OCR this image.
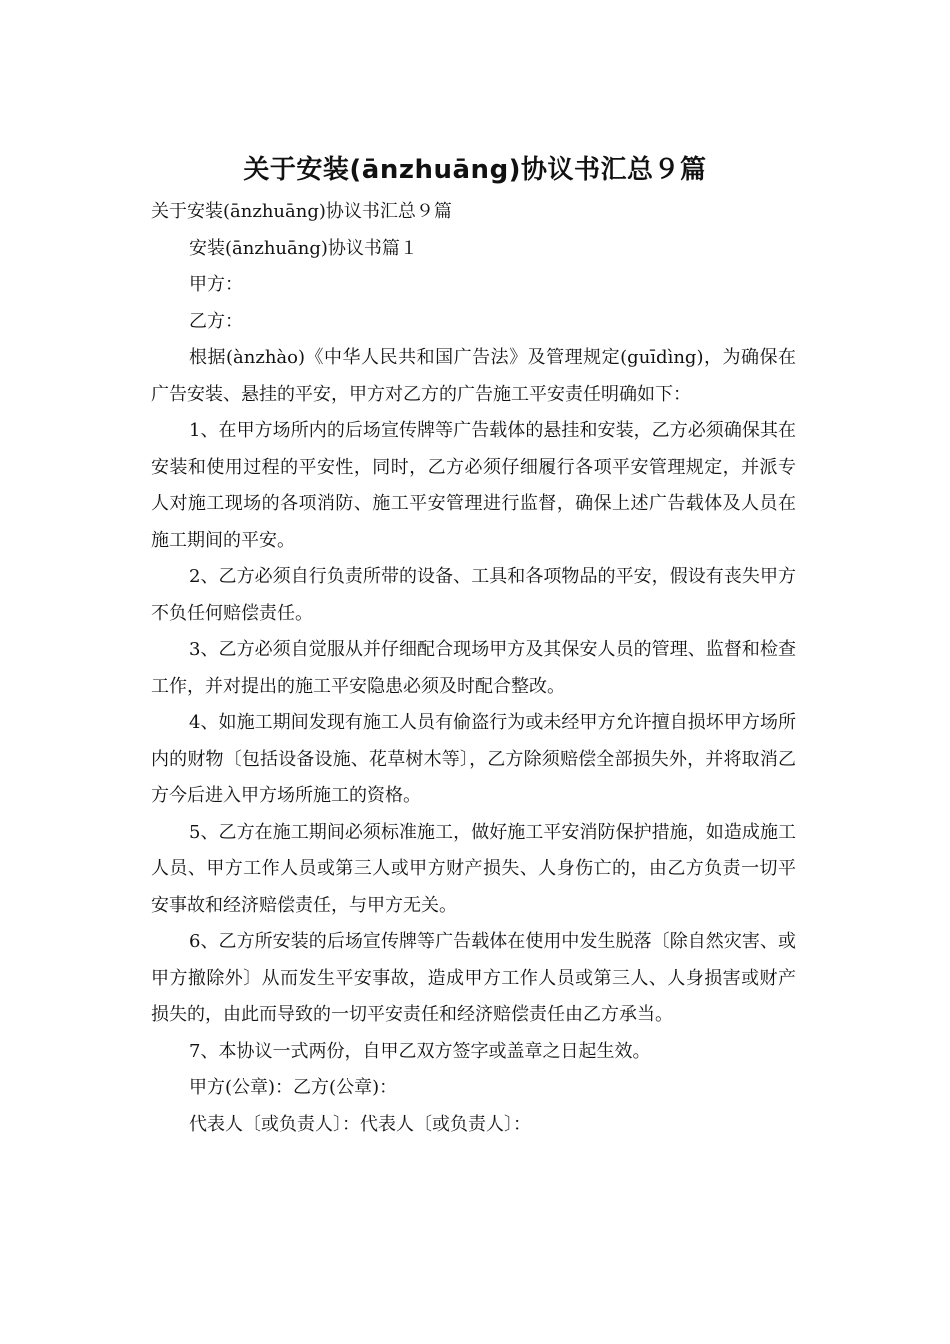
关于安装(ānzhuāng)协议书汇总９篇

关于安装(ānzhuāng)协议书汇总９篇

安装(ānzhuāng)协议书篇１

甲方：

乙方：

根据(ànzhào)《中华人民共和国广告法》及管理规定(guīdìng)，为确保在广告安装、悬挂的平安，甲方对乙方的广告施工平安责任明确如下：

1、在甲方场所内的后场宣传牌等广告载体的悬挂和安装，乙方必须确保其在安装和使用过程的平安性，同时，乙方必须仔细履行各项平安管理规定，并派专人对施工现场的各项消防、施工平安管理进行监督，确保上述广告载体及人员在施工期间的平安。

2、乙方必须自行负责所带的设备、工具和各项物品的平安，假设有丧失甲方不负任何赔偿责任。

3、乙方必须自觉服从并仔细配合现场甲方及其保安人员的管理、监督和检查工作，并对提出的施工平安隐患必须及时配合整改。

4、如施工期间发现有施工人员有偷盗行为或未经甲方允许擅自损坏甲方场所内的财物〔包括设备设施、花草树木等〕，乙方除须赔偿全部损失外，并将取消乙方今后进入甲方场所施工的资格。

5、乙方在施工期间必须标准施工，做好施工平安消防保护措施，如造成施工人员、甲方工作人员或第三人或甲方财产损失、人身伤亡的，由乙方负责一切平安事故和经济赔偿责任，与甲方无关。

6、乙方所安装的后场宣传牌等广告载体在使用中发生脱落〔除自然灾害、或甲方撤除外〕从而发生平安事故，造成甲方工作人员或第三人、人身损害或财产损失的，由此而导致的一切平安责任和经济赔偿责任由乙方承当。

7、本协议一式两份，自甲乙双方签字或盖章之日起生效。

甲方(公章)：乙方(公章)：

代表人〔或负责人〕：代表人〔或负责人〕：
